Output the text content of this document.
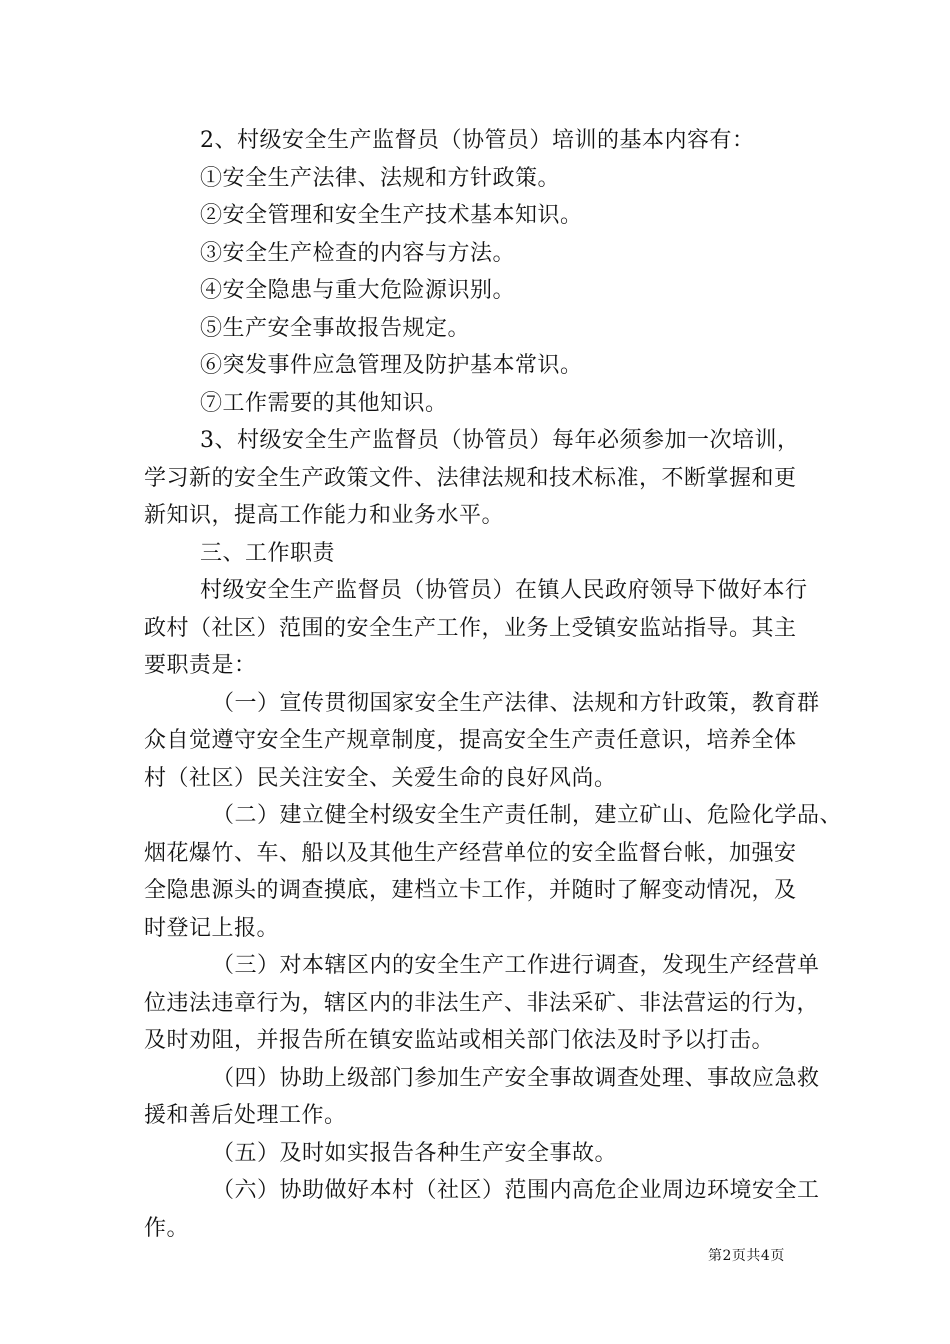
2、村级安全生产监督员（协管员）培训的基本内容有：

①安全生产法律、法规和方针政策。

②安全管理和安全生产技术基本知识。

③安全生产检查的内容与方法。

④安全隐患与重大危险源识别。

⑤生产安全事故报告规定。

⑥突发事件应急管理及防护基本常识。

⑦工作需要的其他知识。

3、村级安全生产监督员（协管员）每年必须参加一次培训，

学习新的安全生产政策文件、法律法规和技术标准，不断掌握和更

新知识，提高工作能力和业务水平。

三、工作职责

村级安全生产监督员（协管员）在镇人民政府领导下做好本行

政村（社区）范围的安全生产工作，业务上受镇安监站指导。其主

要职责是：

（一）宣传贯彻国家安全生产法律、法规和方针政策，教育群

众自觉遵守安全生产规章制度，提高安全生产责任意识，培养全体

村（社区）民关注安全、关爱生命的良好风尚。

（二）建立健全村级安全生产责任制，建立矿山、危险化学品、

烟花爆竹、车、船以及其他生产经营单位的安全监督台帐，加强安

全隐患源头的调查摸底，建档立卡工作，并随时了解变动情况，及

时登记上报。

（三）对本辖区内的安全生产工作进行调查，发现生产经营单

位违法违章行为，辖区内的非法生产、非法采矿、非法营运的行为，

及时劝阻，并报告所在镇安监站或相关部门依法及时予以打击。

（四）协助上级部门参加生产安全事故调查处理、事故应急救

援和善后处理工作。

（五）及时如实报告各种生产安全事故。

（六）协助做好本村（社区）范围内高危企业周边环境安全工

作。

第2页共4页
